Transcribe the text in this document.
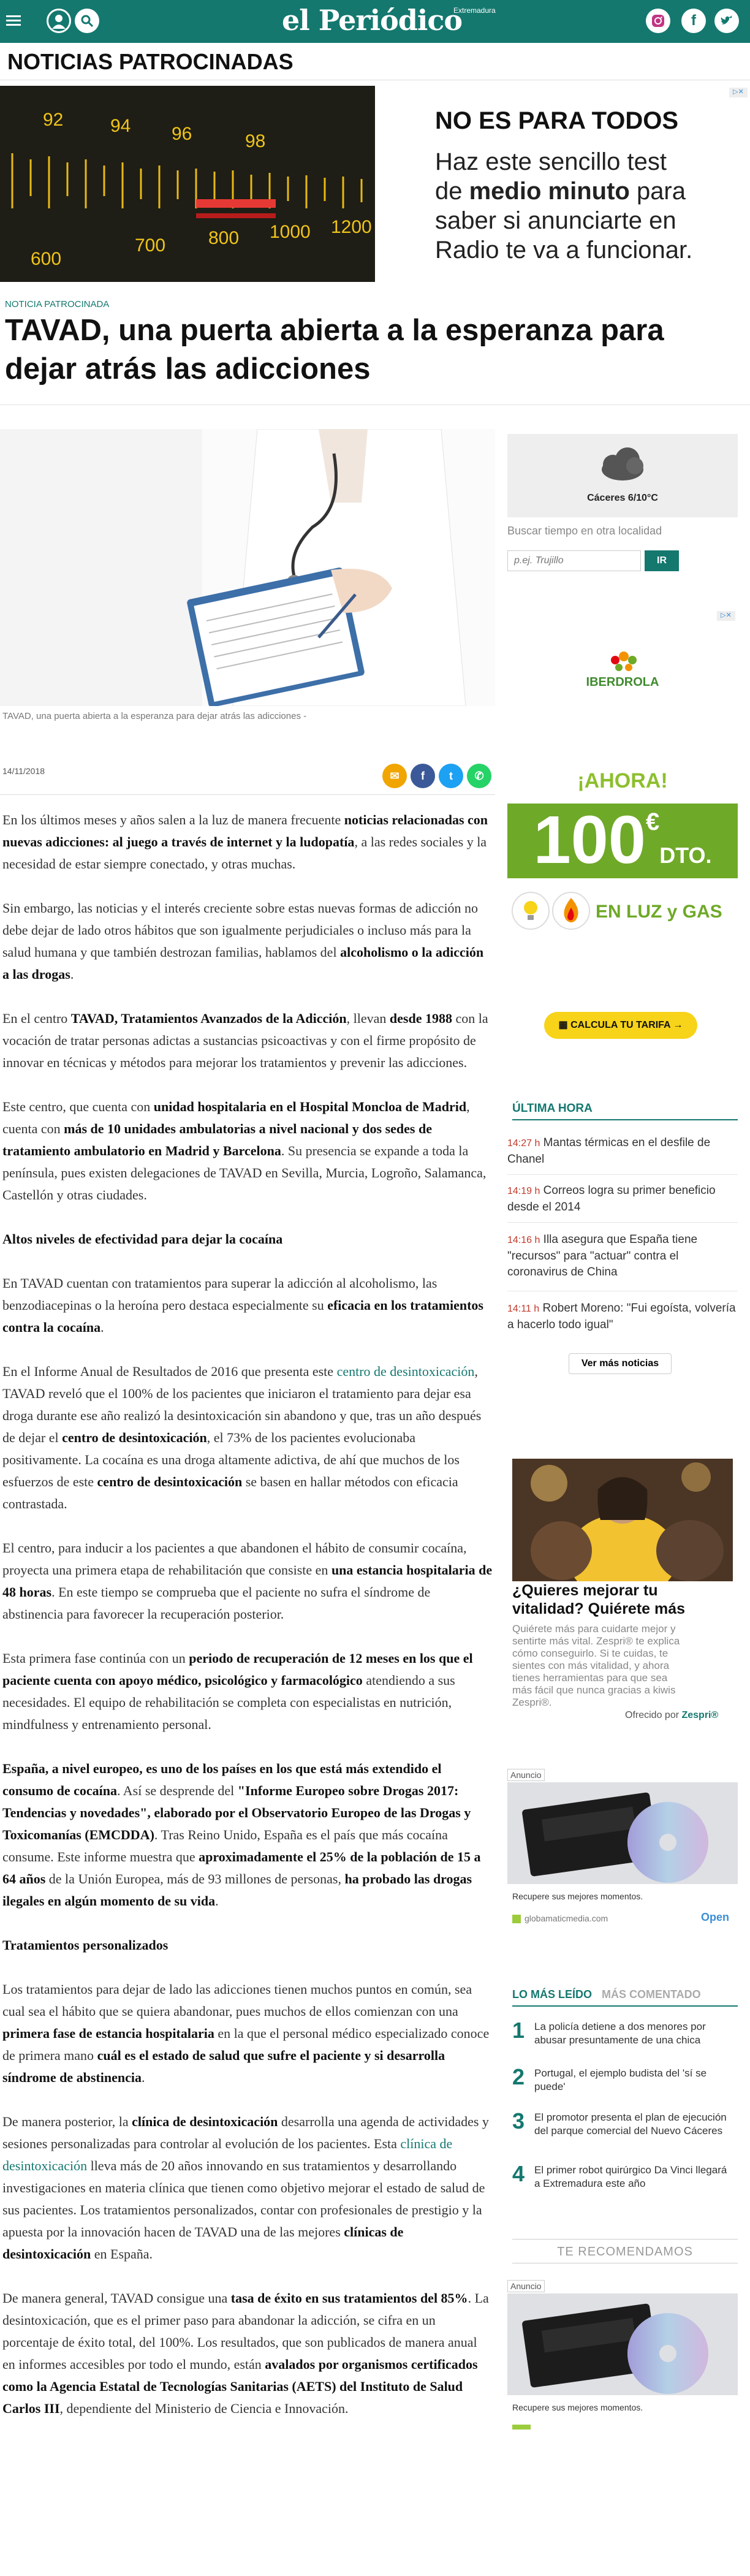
el Periódico
Extremadura
f
NOTICIAS PATROCINADAS
92	94 96	98
600
700 800 1000 1200
NO ES PARA TODOS
Haz este sencillo test
de medio minuto para
saber si anunciarte en
Radio te va a funcionar.
▷✕
NOTICIA PATROCINADA
TAVAD, una puerta abierta a la esperanza para dejar atrás las adicciones
TAVAD, una puerta abierta a la esperanza para dejar atrás las adicciones -
14/11/2018	✉	f	t	✆

En los últimos meses y años salen a la luz de manera frecuente noticias relacionadas con nuevas adicciones: al juego a través de internet y la ludopatía, a las redes sociales y la necesidad de estar siempre conectado, y otras muchas.

Sin embargo, las noticias y el interés creciente sobre estas nuevas formas de adicción no debe dejar de lado otros hábitos que son igualmente perjudiciales o incluso más para la salud humana y que también destrozan familias, hablamos del alcoholismo o la adicción a las drogas.

En el centro TAVAD, Tratamientos Avanzados de la Adicción, llevan desde 1988 con la vocación de tratar personas adictas a sustancias psicoactivas y con el firme propósito de innovar en técnicas y métodos para mejorar los tratamientos y prevenir las adicciones.

Este centro, que cuenta con unidad hospitalaria en el Hospital Moncloa de Madrid, cuenta con más de 10 unidades ambulatorias a nivel nacional y dos sedes de tratamiento ambulatorio en Madrid y Barcelona. Su presencia se expande a toda la península, pues existen delegaciones de TAVAD en Sevilla, Murcia, Logroño, Salamanca, Castellón y otras ciudades.

Altos niveles de efectividad para dejar la cocaína

En TAVAD cuentan con tratamientos para superar la adicción al alcoholismo, las benzodiacepinas o la heroína pero destaca especialmente su eficacia en los tratamientos contra la cocaína.

En el Informe Anual de Resultados de 2016 que presenta este centro de desintoxicación, TAVAD reveló que el 100% de los pacientes que iniciaron el tratamiento para dejar esa droga durante ese año realizó la desintoxicación sin abandono y que, tras un año después de dejar el centro de desintoxicación, el 73% de los pacientes evolucionaba positivamente. La cocaína es una droga altamente adictiva, de ahí que muchos de los esfuerzos de este centro de desintoxicación se basen en hallar métodos con eficacia contrastada.

El centro, para inducir a los pacientes a que abandonen el hábito de consumir cocaína, proyecta una primera etapa de rehabilitación que consiste en una estancia hospitalaria de 48 horas. En este tiempo se comprueba que el paciente no sufra el síndrome de abstinencia para favorecer la recuperación posterior.

Esta primera fase continúa con un periodo de recuperación de 12 meses en los que el paciente cuenta con apoyo médico, psicológico y farmacológico atendiendo a sus necesidades. El equipo de rehabilitación se completa con especialistas en nutrición, mindfulness y entrenamiento personal.

España, a nivel europeo, es uno de los países en los que está más extendido el consumo de cocaína. Así se desprende del "Informe Europeo sobre Drogas 2017: Tendencias y novedades", elaborado por el Observatorio Europeo de las Drogas y Toxicomanías (EMCDDA). Tras Reino Unido, España es el país que más cocaína consume. Este informe muestra que aproximadamente el 25% de la población de 15 a 64 años de la Unión Europea, más de 93 millones de personas, ha probado las drogas ilegales en algún momento de su vida.

Tratamientos personalizados

Los tratamientos para dejar de lado las adicciones tienen muchos puntos en común, sea cual sea el hábito que se quiera abandonar, pues muchos de ellos comienzan con una primera fase de estancia hospitalaria en la que el personal médico especializado conoce de primera mano cuál es el estado de salud que sufre el paciente y si desarrolla síndrome de abstinencia.

De manera posterior, la clínica de desintoxicación desarrolla una agenda de actividades y sesiones personalizadas para controlar al evolución de los pacientes. Esta clínica de desintoxicación lleva más de 20 años innovando en sus tratamientos y desarrollando investigaciones en materia clínica que tienen como objetivo mejorar el estado de salud de sus pacientes. Los tratamientos personalizados, contar con profesionales de prestigio y la apuesta por la innovación hacen de TAVAD una de las mejores clínicas de desintoxicación en España.

De manera general, TAVAD consigue una tasa de éxito en sus tratamientos del 85%. La desintoxicación, que es el primer paso para abandonar la adicción, se cifra en un porcentaje de éxito total, del 100%. Los resultados, que son publicados de manera anual en informes accesibles por todo el mundo, están avalados por organismos certificados como la Agencia Estatal de Tecnologías Sanitarias (AETS) del Instituto de Salud Carlos III, dependiente del Ministerio de Ciencia e Innovación.

Cáceres 6/10°C
Buscar tiempo en otra localidad
p.ej. Trujillo
IR
▷✕
IBERDROLA
¡AHORA!
100€DTO.
EN LUZ y GAS
▦ CALCULA TU TARIFA →
ÚLTIMA HORA
14:27 h Mantas térmicas en el desfile de Chanel
14:19 h Correos logra su primer beneficio desde el 2014
14:16 h Illa asegura que España tiene "recursos" para "actuar" contra el coronavirus de China
14:11 h Robert Moreno: "Fui egoísta, volvería a hacerlo todo igual"
Ver más noticias
¿Quieres mejorar tu vitalidad? Quiérete más
Quiérete más para cuidarte mejor y sentirte más vital. Zespri® te explica cómo conseguirlo. Si te cuidas, te sientes con más vitalidad, y ahora tienes herramientas para que sea más fácil que nunca gracias a kiwis Zespri®.
Ofrecido por Zespri®
Anuncio
Recupere sus mejores momentos.
globamaticmedia.com	Open
LO MÁS LEÍDO MÁS COMENTADO
1 La policía detiene a dos menores por abusar presuntamente de una chica
2 Portugal, el ejemplo budista del 'sí se puede'
3 El promotor presenta el plan de ejecución del parque comercial del Nuevo Cáceres
4 El primer robot quirúrgico Da Vinci llegará a Extremadura este año
TE RECOMENDAMOS
Anuncio
Recupere sus mejores momentos.
